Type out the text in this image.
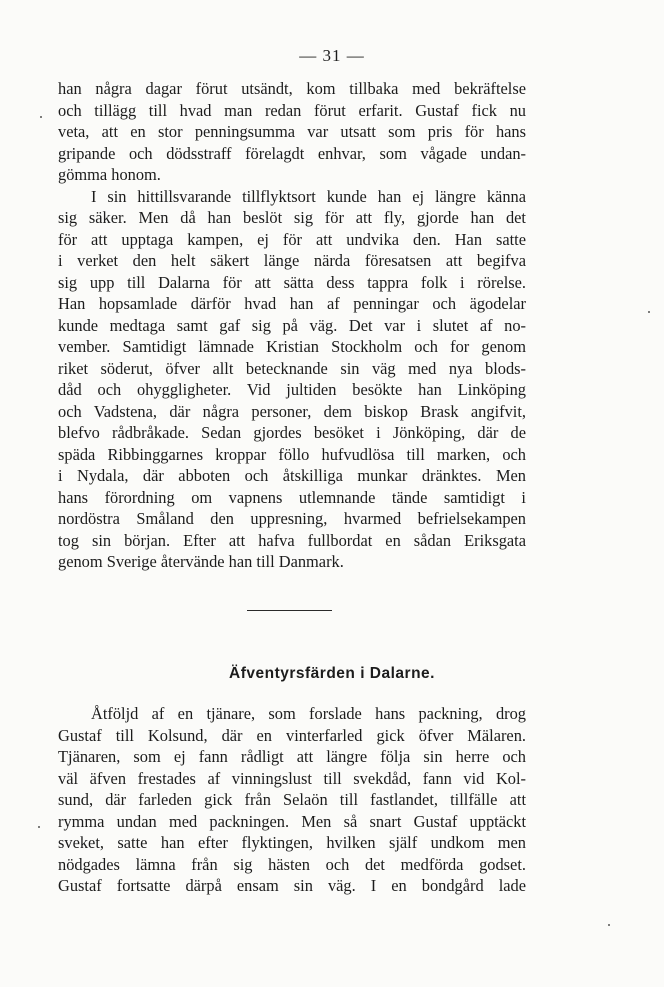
— 31 —
han några dagar förut utsändt, kom tillbaka med bekräftelse
och tillägg till hvad man redan förut erfarit. Gustaf fick nu
veta, att en stor penningsumma var utsatt som pris för hans
gripande och dödsstraff förelagdt enhvar, som vågade undan-
gömma honom.
I sin hittillsvarande tillflyktsort kunde han ej längre känna
sig säker. Men då han beslöt sig för att fly, gjorde han det
för att upptaga kampen, ej för att undvika den. Han satte
i verket den helt säkert länge närda föresatsen att begifva
sig upp till Dalarna för att sätta dess tappra folk i rörelse.
Han hopsamlade därför hvad han af penningar och ägodelar
kunde medtaga samt gaf sig på väg. Det var i slutet af no-
vember. Samtidigt lämnade Kristian Stockholm och for genom
riket söderut, öfver allt betecknande sin väg med nya blods-
dåd och ohyggligheter. Vid jultiden besökte han Linköping
och Vadstena, där några personer, dem biskop Brask angifvit,
blefvo rådbråkade. Sedan gjordes besöket i Jönköping, där de
späda Ribbinggarnes kroppar föllo hufvudlösa till marken, och
i Nydala, där abboten och åtskilliga munkar dränktes. Men
hans förordning om vapnens utlemnande tände samtidigt i
nordöstra Småland den uppresning, hvarmed befrielsekampen
tog sin början. Efter att hafva fullbordat en sådan Eriksgata
genom Sverige återvände han till Danmark.
Äfventyrsfärden i Dalarne.
Åtföljd af en tjänare, som forslade hans packning, drog
Gustaf till Kolsund, där en vinterfarled gick öfver Mälaren.
Tjänaren, som ej fann rådligt att längre följa sin herre och
väl äfven frestades af vinningslust till svekdåd, fann vid Kol-
sund, där farleden gick från Selaön till fastlandet, tillfälle att
rymma undan med packningen. Men så snart Gustaf upptäckt
sveket, satte han efter flyktingen, hvilken själf undkom men
nödgades lämna från sig hästen och det medförda godset.
Gustaf fortsatte därpå ensam sin väg. I en bondgård lade
